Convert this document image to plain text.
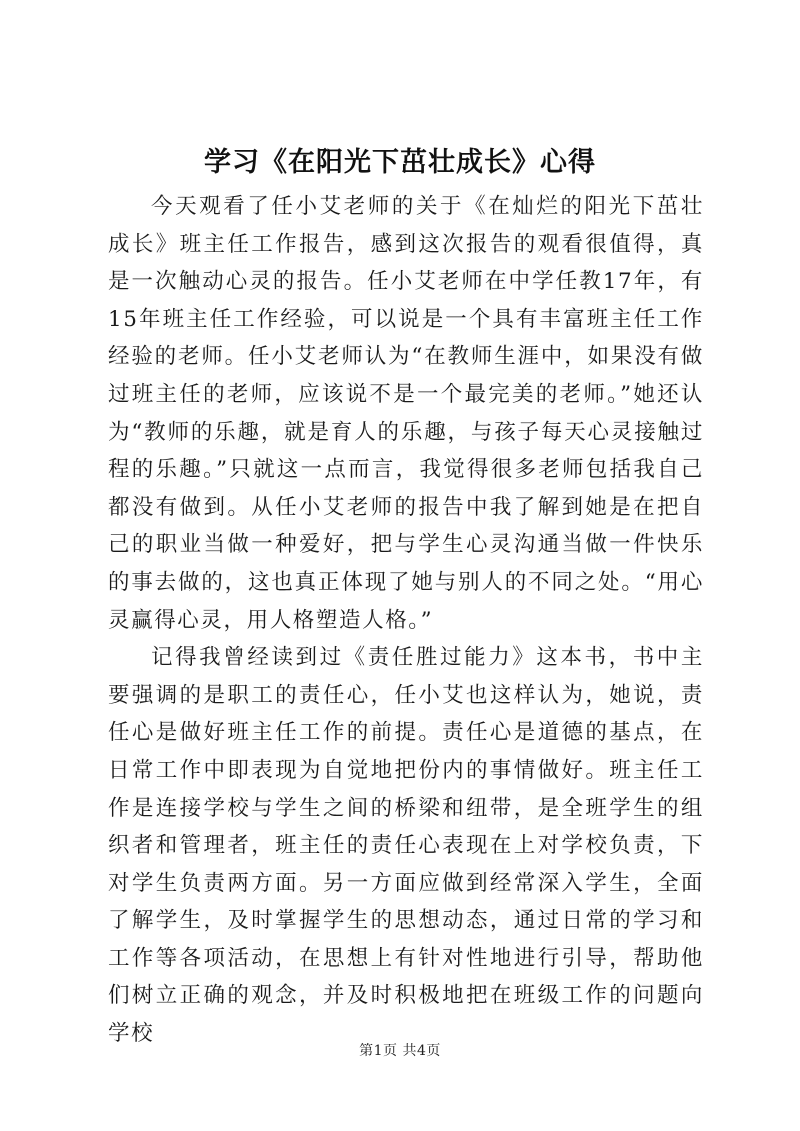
学习《在阳光下茁壮成长》心得

今天观看了任小艾老师的关于《在灿烂的阳光下茁壮成长》班主任工作报告，感到这次报告的观看很值得，真是一次触动心灵的报告。任小艾老师在中学任教17年，有15年班主任工作经验，可以说是一个具有丰富班主任工作经验的老师。任小艾老师认为“在教师生涯中，如果没有做过班主任的老师，应该说不是一个最完美的老师。”她还认为“教师的乐趣，就是育人的乐趣，与孩子每天心灵接触过程的乐趣。”只就这一点而言，我觉得很多老师包括我自己都没有做到。从任小艾老师的报告中我了解到她是在把自己的职业当做一种爱好，把与学生心灵沟通当做一件快乐的事去做的，这也真正体现了她与别人的不同之处。“用心灵赢得心灵，用人格塑造人格。”

记得我曾经读到过《责任胜过能力》这本书，书中主要强调的是职工的责任心，任小艾也这样认为，她说，责任心是做好班主任工作的前提。责任心是道德的基点，在日常工作中即表现为自觉地把份内的事情做好。班主任工作是连接学校与学生之间的桥梁和纽带，是全班学生的组织者和管理者，班主任的责任心表现在上对学校负责，下对学生负责两方面。另一方面应做到经常深入学生，全面了解学生，及时掌握学生的思想动态，通过日常的学习和工作等各项活动，在思想上有针对性地进行引导，帮助他们树立正确的观念，并及时积极地把在班级工作的问题向学校

第1页 共4页
